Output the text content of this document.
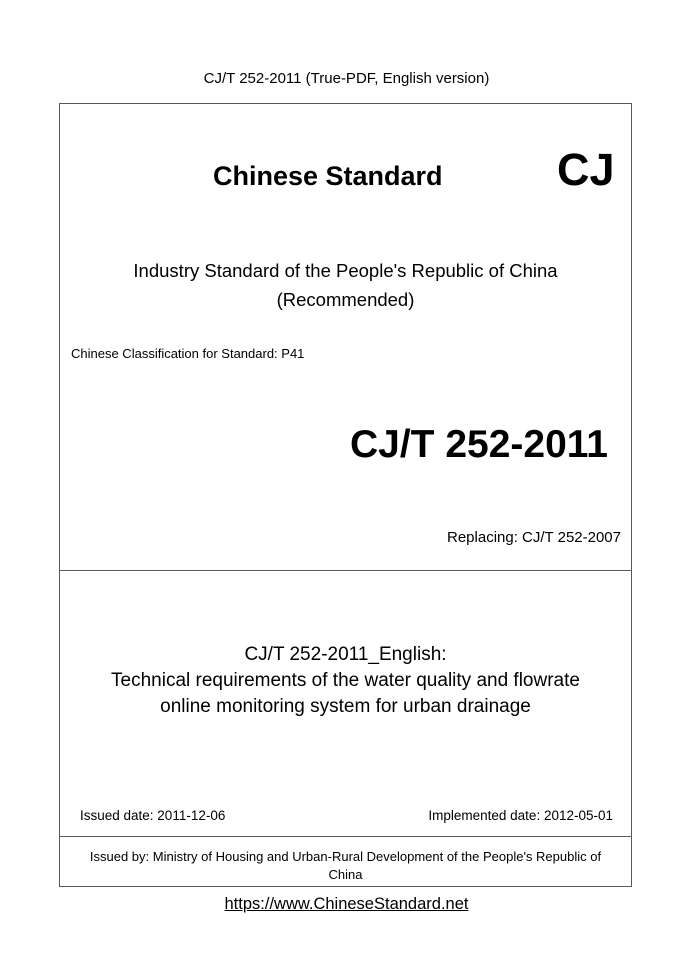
CJ/T 252-2011 (True-PDF, English version)
Chinese Standard	CJ
Industry Standard of the People's Republic of China
(Recommended)
Chinese Classification for Standard: P41
CJ/T 252-2011
Replacing: CJ/T 252-2007
CJ/T 252-2011_English:
Technical requirements of the water quality and flowrate
online monitoring system for urban drainage
Issued date: 2011-12-06	Implemented date: 2012-05-01
Issued by: Ministry of Housing and Urban-Rural Development of the People's Republic of
China
https://www.ChineseStandard.net
